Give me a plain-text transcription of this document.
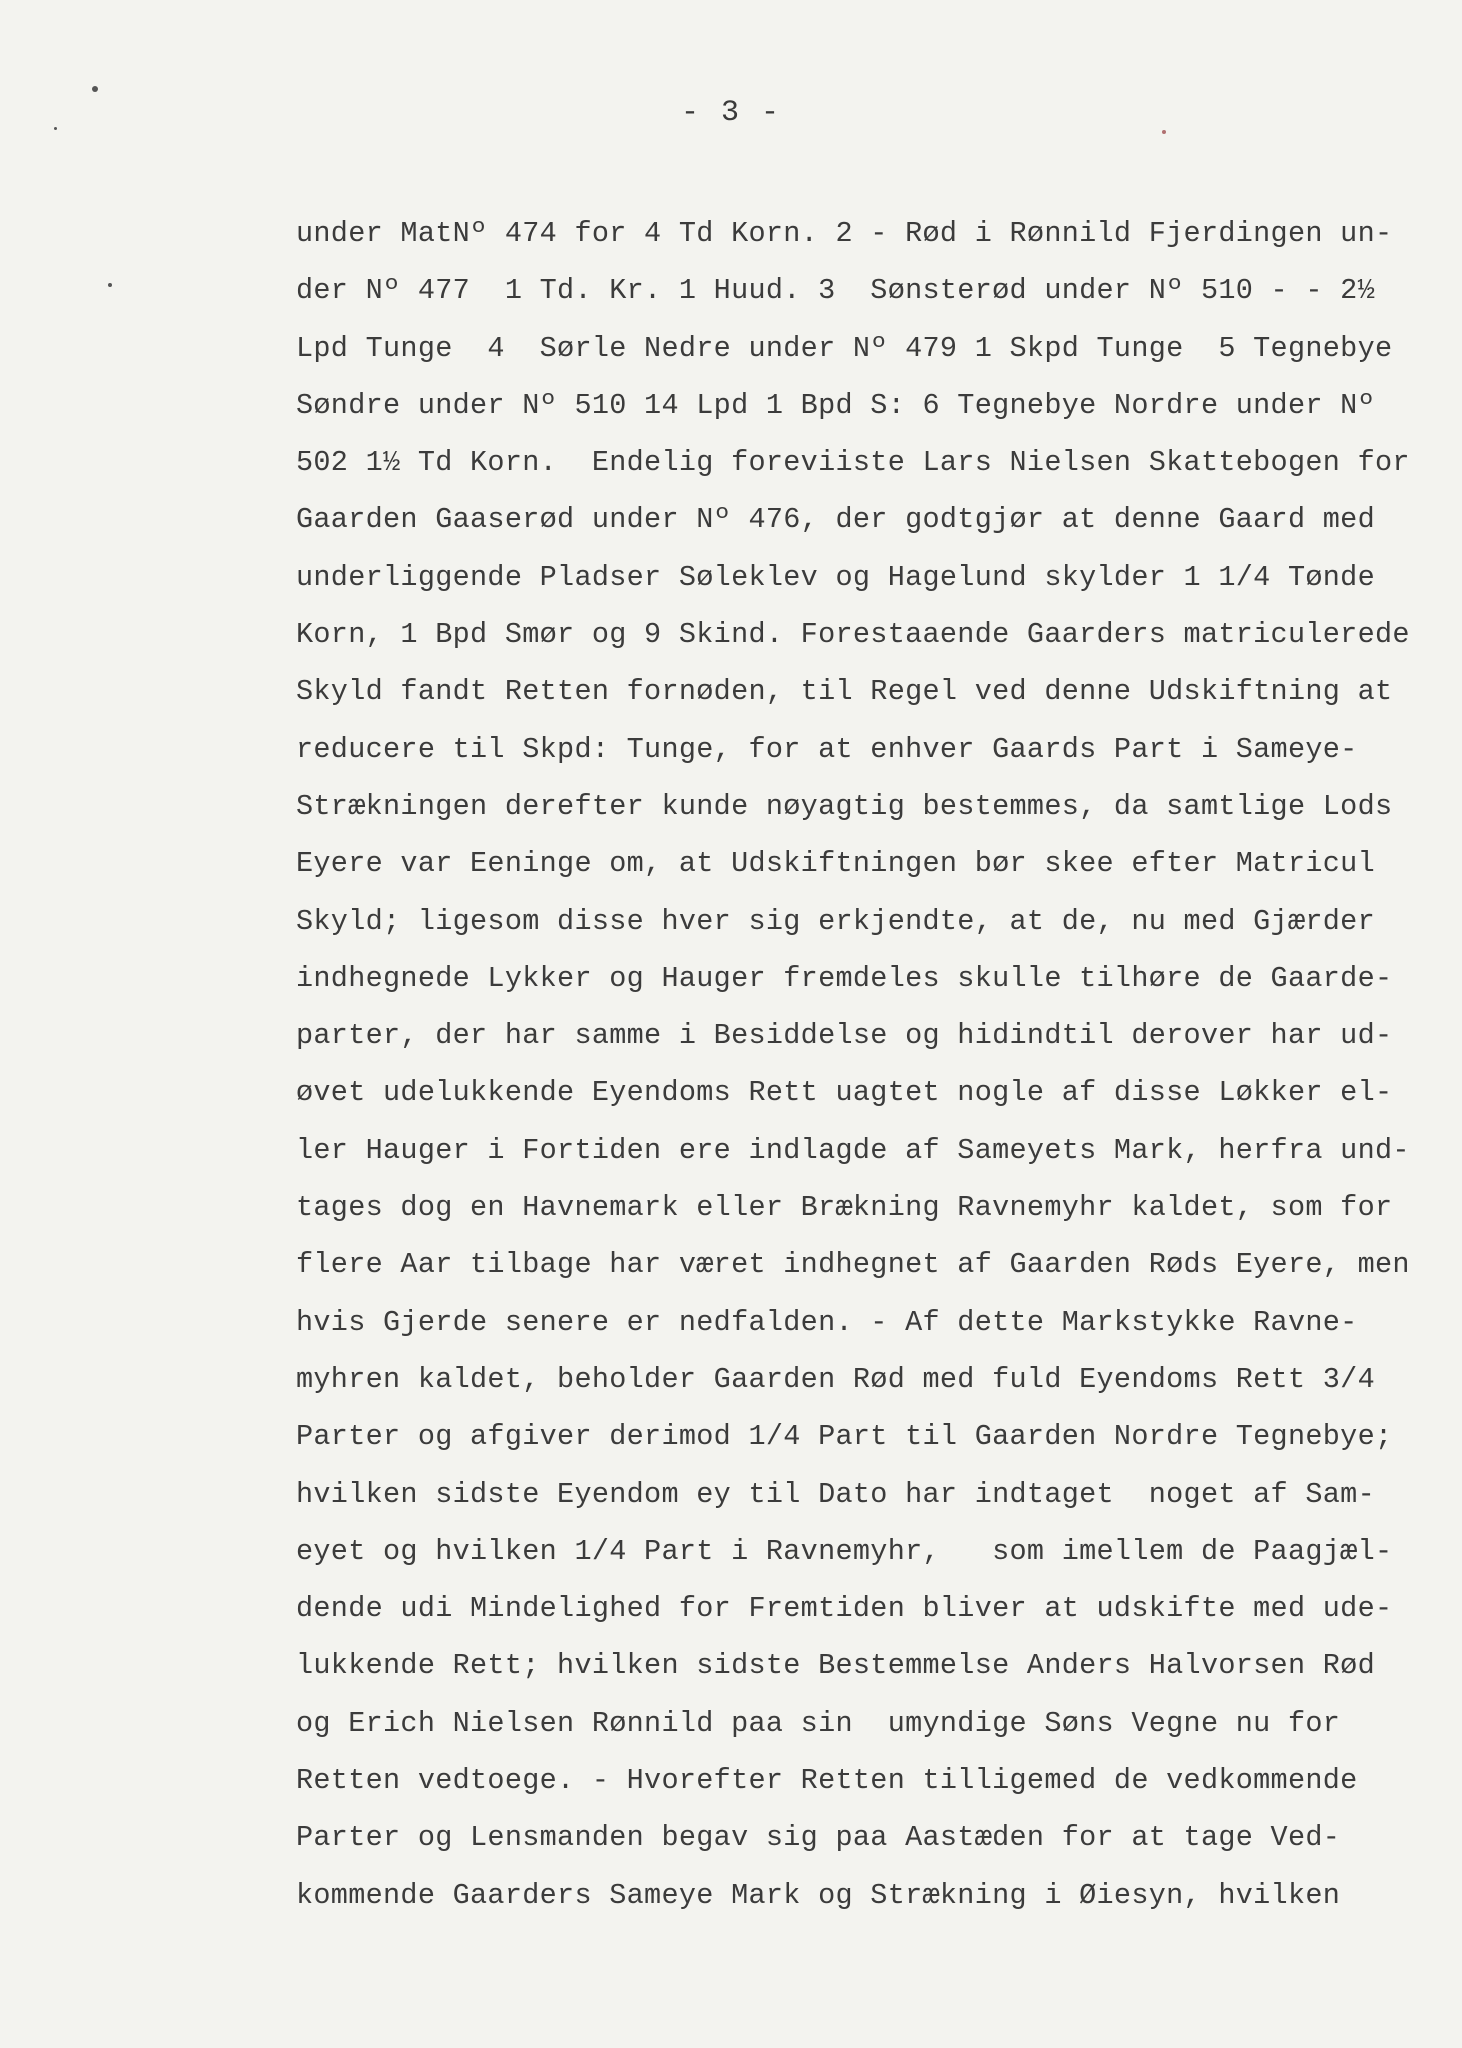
- 3 -
under MatNº 474 for 4 Td Korn. 2 - Rød i Rønnild Fjerdingen un-
der Nº 477  1 Td. Kr. 1 Huud. 3  Sønsterød under Nº 510 - - 2½
Lpd Tunge  4  Sørle Nedre under Nº 479 1 Skpd Tunge  5 Tegnebye
Søndre under Nº 510 14 Lpd 1 Bpd S: 6 Tegnebye Nordre under Nº
502 1½ Td Korn.  Endelig foreviiste Lars Nielsen Skattebogen for
Gaarden Gaaserød under Nº 476, der godtgjør at denne Gaard med
underliggende Pladser Søleklev og Hagelund skylder 1 1/4 Tønde
Korn, 1 Bpd Smør og 9 Skind. Forestaaende Gaarders matriculerede
Skyld fandt Retten fornøden, til Regel ved denne Udskiftning at
reducere til Skpd: Tunge, for at enhver Gaards Part i Sameye-
Strækningen derefter kunde nøyagtig bestemmes, da samtlige Lods
Eyere var Eeninge om, at Udskiftningen bør skee efter Matricul
Skyld; ligesom disse hver sig erkjendte, at de, nu med Gjærder
indhegnede Lykker og Hauger fremdeles skulle tilhøre de Gaarde-
parter, der har samme i Besiddelse og hidindtil derover har ud-
øvet udelukkende Eyendoms Rett uagtet nogle af disse Løkker el-
ler Hauger i Fortiden ere indlagde af Sameyets Mark, herfra und-
tages dog en Havnemark eller Brækning Ravnemyhr kaldet, som for
flere Aar tilbage har været indhegnet af Gaarden Røds Eyere, men
hvis Gjerde senere er nedfalden. - Af dette Markstykke Ravne-
myhren kaldet, beholder Gaarden Rød med fuld Eyendoms Rett 3/4
Parter og afgiver derimod 1/4 Part til Gaarden Nordre Tegnebye;
hvilken sidste Eyendom ey til Dato har indtaget  noget af Sam-
eyet og hvilken 1/4 Part i Ravnemyhr,   som imellem de Paagjæl-
dende udi Mindelighed for Fremtiden bliver at udskifte med ude-
lukkende Rett; hvilken sidste Bestemmelse Anders Halvorsen Rød
og Erich Nielsen Rønnild paa sin  umyndige Søns Vegne nu for
Retten vedtoege. - Hvorefter Retten tilligemed de vedkommende
Parter og Lensmanden begav sig paa Aastæden for at tage Ved-
kommende Gaarders Sameye Mark og Strækning i Øiesyn, hvilken
